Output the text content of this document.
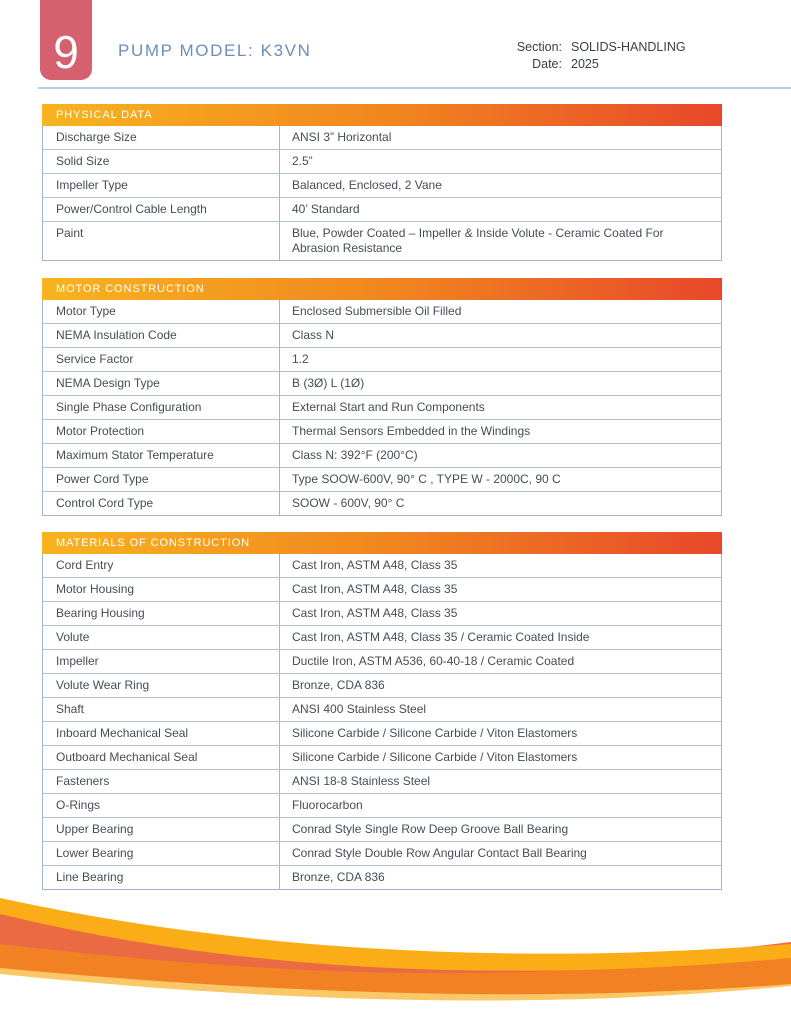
9 PUMP MODEL: K3VN	Section: SOLIDS-HANDLING
Date: 2025
PHYSICAL DATA
Discharge Size	ANSI 3” Horizontal
Solid Size	2.5”
Impeller Type	Balanced, Enclosed, 2 Vane
Power/Control Cable Length	40’ Standard
Paint	Blue, Powder Coated – Impeller & Inside Volute - Ceramic Coated For Abrasion Resistance
MOTOR CONSTRUCTION
Motor Type	Enclosed Submersible Oil Filled
NEMA Insulation Code	Class N
Service Factor	1.2
NEMA Design Type	B (3Ø) L (1Ø)
Single Phase Configuration	External Start and Run Components
Motor Protection	Thermal Sensors Embedded in the Windings
Maximum Stator Temperature	Class N: 392°F (200°C)
Power Cord Type	Type SOOW-600V, 90° C , TYPE W - 2000C, 90 C
Control Cord Type	SOOW - 600V, 90° C
MATERIALS OF CONSTRUCTION
Cord Entry	Cast Iron, ASTM A48, Class 35
Motor Housing	Cast Iron, ASTM A48, Class 35
Bearing Housing	Cast Iron, ASTM A48, Class 35
Volute	Cast Iron, ASTM A48, Class 35 / Ceramic Coated Inside
Impeller	Ductile Iron, ASTM A536, 60-40-18 / Ceramic Coated
Volute Wear Ring	Bronze, CDA 836
Shaft	ANSI 400 Stainless Steel
Inboard Mechanical Seal	Silicone Carbide / Silicone Carbide / Viton Elastomers
Outboard Mechanical Seal	Silicone Carbide / Silicone Carbide / Viton Elastomers
Fasteners	ANSI 18-8 Stainless Steel
O-Rings	Fluorocarbon
Upper Bearing	Conrad Style Single Row Deep Groove Ball Bearing
Lower Bearing	Conrad Style Double Row Angular Contact Ball Bearing
Line Bearing	Bronze, CDA 836
